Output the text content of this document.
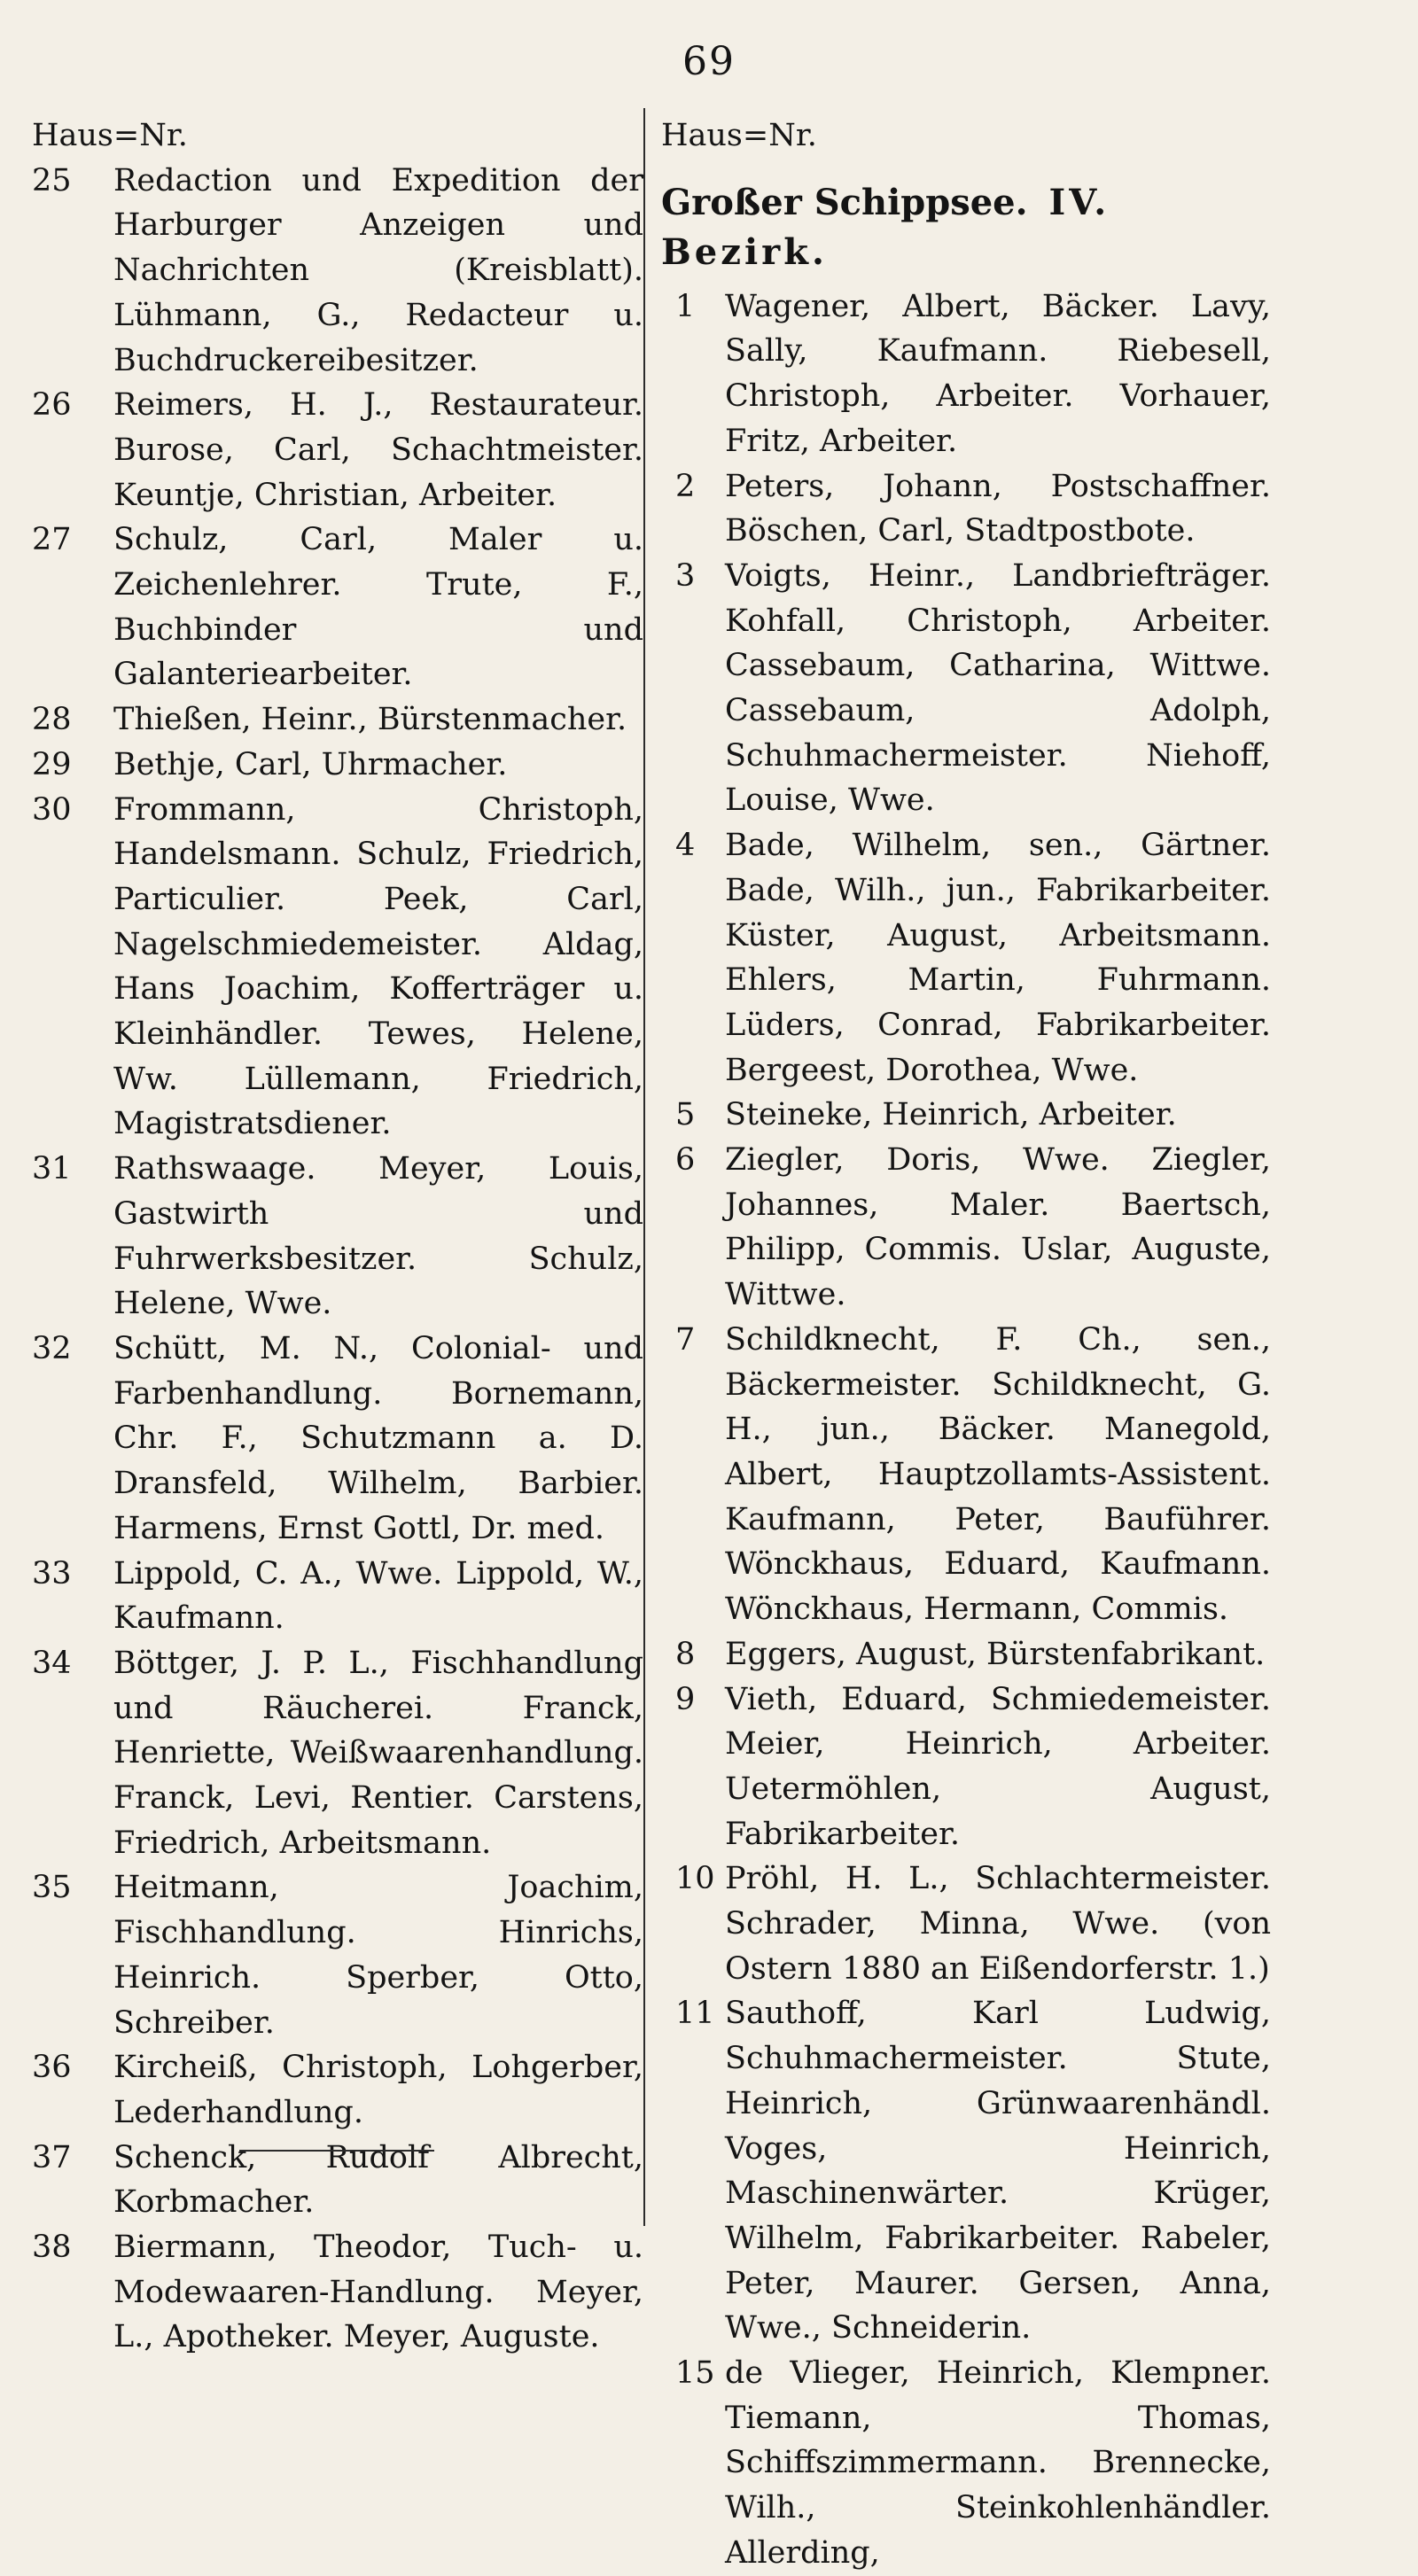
69
Haus=Nr.
25	Redaction und Expedition der Harburger Anzeigen und Nachrichten (Kreisblatt). Lühmann, G., Redacteur u. Buchdruckereibesitzer.
26	Reimers, H. J., Restaurateur. Burose, Carl, Schachtmeister. Keuntje, Christian, Arbeiter.
27	Schulz, Carl, Maler u. Zeichenlehrer. Trute, F., Buchbinder und Galanteriearbeiter.
28	Thießen, Heinr., Bürstenmacher.
29	Bethje, Carl, Uhrmacher.
30	Frommann, Christoph, Handelsmann. Schulz, Friedrich, Particulier. Peek, Carl, Nagelschmiedemeister. Aldag, Hans Joachim, Kofferträger u. Kleinhändler. Tewes, Helene, Ww. Lüllemann, Friedrich, Magistratsdiener.
31	Rathswaage. Meyer, Louis, Gastwirth und Fuhrwerksbesitzer. Schulz, Helene, Wwe.
32	Schütt, M. N., Colonial- und Farbenhandlung. Bornemann, Chr. F., Schutzmann a. D. Dransfeld, Wilhelm, Barbier. Harmens, Ernst Gottl, Dr. med.
33	Lippold, C. A., Wwe. Lippold, W., Kaufmann.
34	Böttger, J. P. L., Fischhandlung und Räucherei. Franck, Henriette, Weißwaarenhandlung. Franck, Levi, Rentier. Carstens, Friedrich, Arbeitsmann.
35	Heitmann, Joachim, Fischhandlung. Hinrichs, Heinrich. Sperber, Otto, Schreiber.
36	Kircheiß, Christoph, Lohgerber, Lederhandlung.
37	Schenck, Rudolf Albrecht, Korbmacher.
38	Biermann, Theodor, Tuch- u. Modewaaren-Handlung. Meyer, L., Apotheker. Meyer, Auguste.
Haus=Nr.
Großer Schippsee. IV. Bezirk.
1 Wagener, Albert, Bäcker. Lavy, Sally, Kaufmann. Riebesell, Christoph, Arbeiter. Vorhauer, Fritz, Arbeiter.
2 Peters, Johann, Postschaffner. Böschen, Carl, Stadtpostbote.
3 Voigts, Heinr., Landbriefträger. Kohfall, Christoph, Arbeiter. Cassebaum, Catharina, Wittwe. Cassebaum, Adolph, Schuhmachermeister. Niehoff, Louise, Wwe.
4 Bade, Wilhelm, sen., Gärtner. Bade, Wilh., jun., Fabrikarbeiter. Küster, August, Arbeitsmann. Ehlers, Martin, Fuhrmann. Lüders, Conrad, Fabrikarbeiter. Bergeest, Dorothea, Wwe.
5 Steineke, Heinrich, Arbeiter.
6 Ziegler, Doris, Wwe. Ziegler, Johannes, Maler. Baertsch, Philipp, Commis. Uslar, Auguste, Wittwe.
7 Schildknecht, F. Ch., sen., Bäckermeister. Schildknecht, G. H., jun., Bäcker. Manegold, Albert, Hauptzollamts-Assistent. Kaufmann, Peter, Bauführer. Wönckhaus, Eduard, Kaufmann. Wönckhaus, Hermann, Commis.
8 Eggers, August, Bürstenfabrikant.
9 Vieth, Eduard, Schmiedemeister. Meier, Heinrich, Arbeiter. Uetermöhlen, August, Fabrikarbeiter.
10 Pröhl, H. L., Schlachtermeister. Schrader, Minna, Wwe. (von Ostern 1880 an Eißendorferstr. 1.)
11 Sauthoff, Karl Ludwig, Schuhmachermeister. Stute, Heinrich, Grünwaarenhändl. Voges, Heinrich, Maschinenwärter. Krüger, Wilhelm, Fabrikarbeiter. Rabeler, Peter, Maurer. Gersen, Anna, Wwe., Schneiderin.
15 de Vlieger, Heinrich, Klempner. Tiemann, Thomas, Schiffszimmermann. Brennecke, Wilh., Steinkohlenhändler. Allerding,
